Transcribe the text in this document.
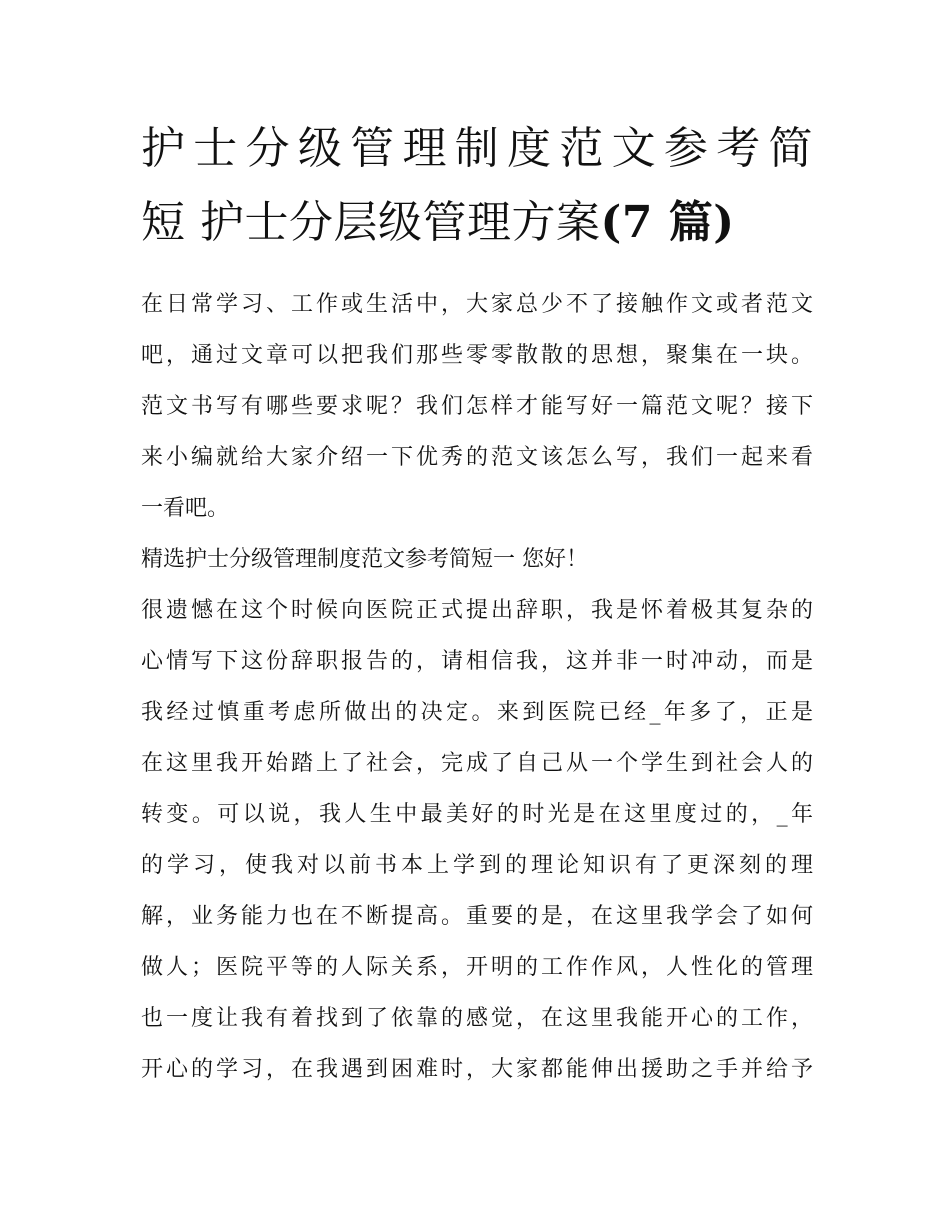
护士分级管理制度范文参考简
短 护士分层级管理方案(7 篇)

在日常学习、工作或生活中，大家总少不了接触作文或者范文
吧，通过文章可以把我们那些零零散散的思想，聚集在一块。
范文书写有哪些要求呢？我们怎样才能写好一篇范文呢？接下
来小编就给大家介绍一下优秀的范文该怎么写，我们一起来看
一看吧。

精选护士分级管理制度范文参考简短一 您好！

很遗憾在这个时候向医院正式提出辞职，我是怀着极其复杂的
心情写下这份辞职报告的，请相信我，这并非一时冲动，而是
我经过慎重考虑所做出的决定。来到医院已经_年多了，正是
在这里我开始踏上了社会，完成了自己从一个学生到社会人的
转变。可以说，我人生中最美好的时光是在这里度过的，_年
的学习，使我对以前书本上学到的理论知识有了更深刻的理
解，业务能力也在不断提高。重要的是，在这里我学会了如何
做人；医院平等的人际关系，开明的工作作风，人性化的管理
也一度让我有着找到了依靠的感觉，在这里我能开心的工作，
开心的学习，在我遇到困难时，大家都能伸出援助之手并给予
